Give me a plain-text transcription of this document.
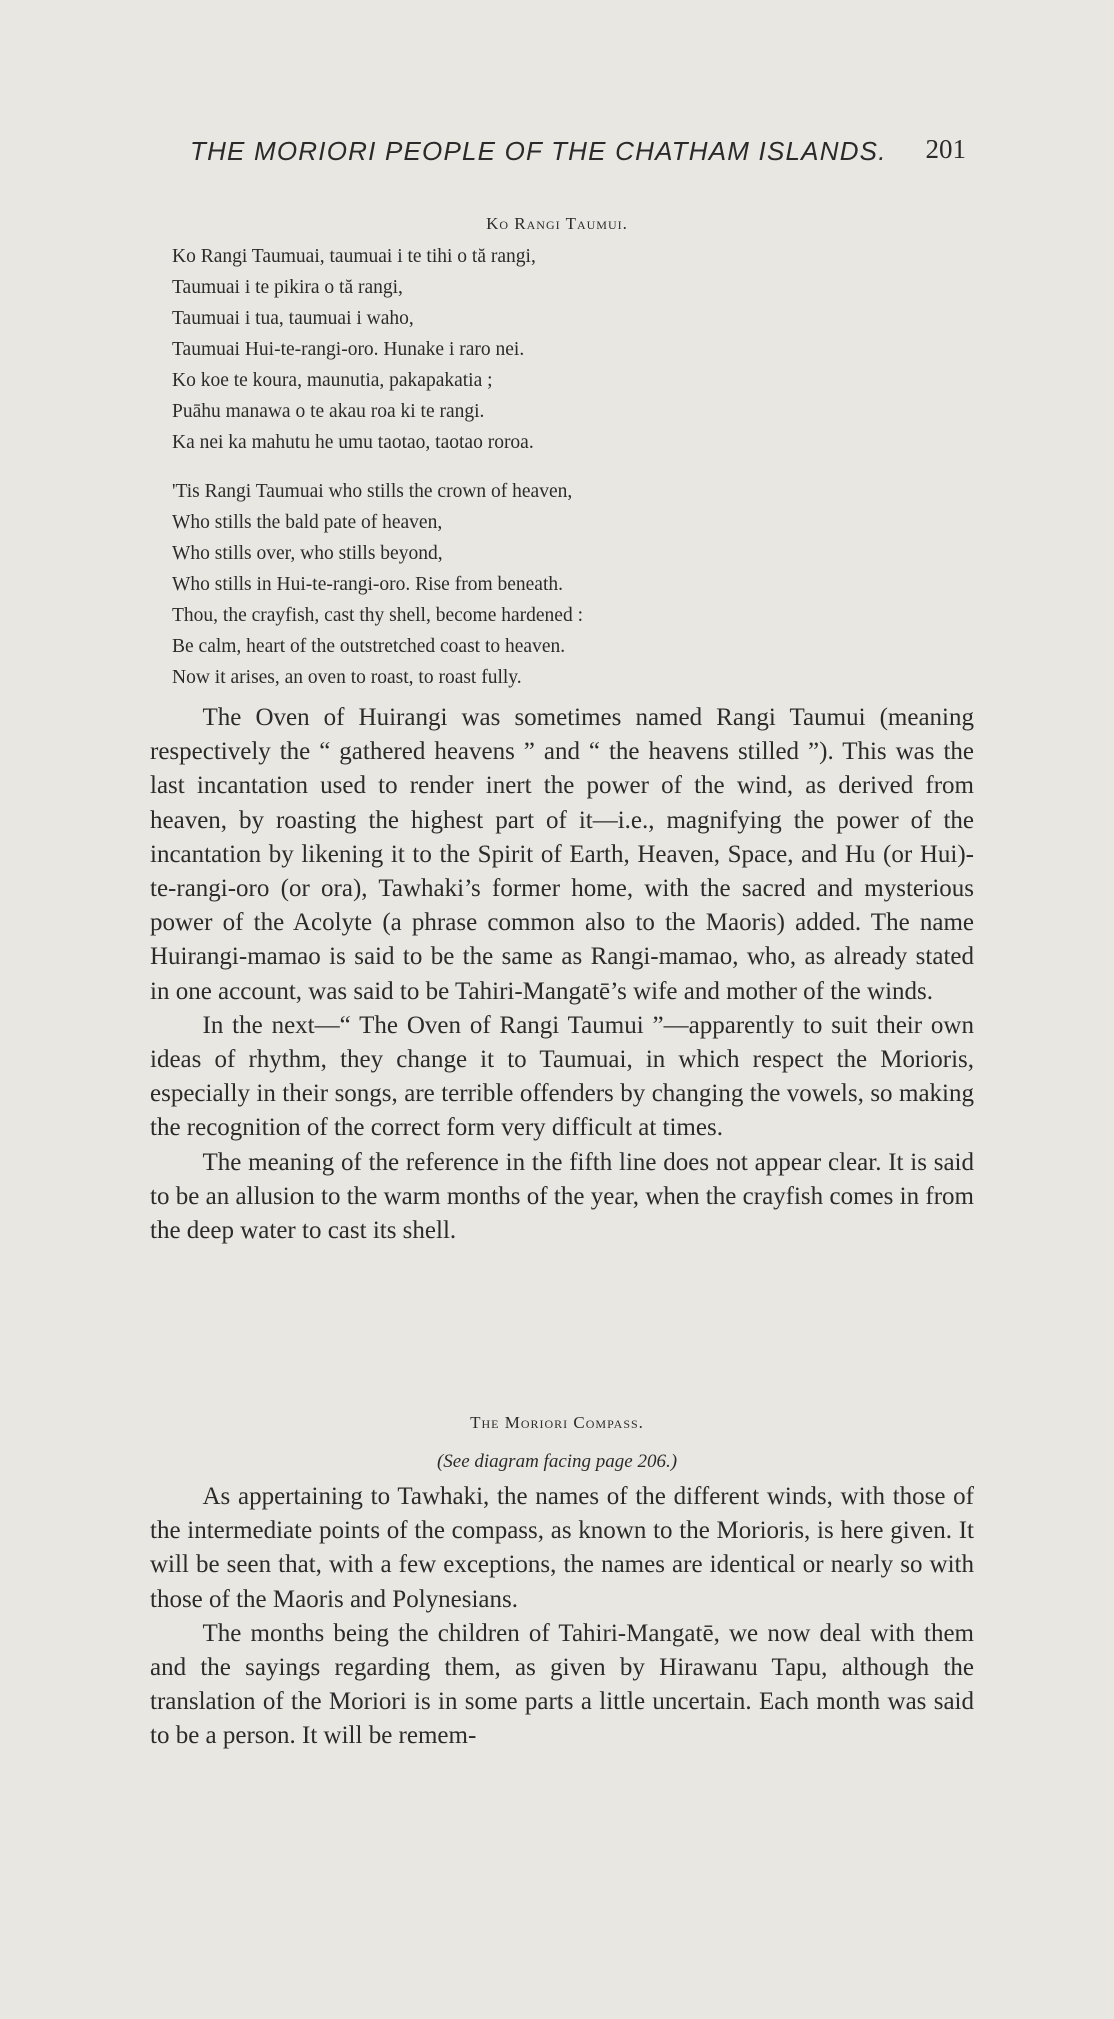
THE MORIORI PEOPLE OF THE CHATHAM ISLANDS. 201
Ko Rangi Taumui.
Ko Rangi Taumuai, taumuai i te tihi o tă rangi,
Taumuai i te pikira o tă rangi,
Taumuai i tua, taumuai i waho,
Taumuai Hui-te-rangi-oro. Hunake i raro nei.
Ko koe te koura, maunutia, pakapakatia ;
Puāhu manawa o te akau roa ki te rangi.
Ka nei ka mahutu he umu taotao, taotao roroa.
'Tis Rangi Taumuai who stills the crown of heaven,
Who stills the bald pate of heaven,
Who stills over, who stills beyond,
Who stills in Hui-te-rangi-oro. Rise from beneath.
Thou, the crayfish, cast thy shell, become hardened :
Be calm, heart of the outstretched coast to heaven.
Now it arises, an oven to roast, to roast fully.

The Oven of Huirangi was sometimes named Rangi Taumui (meaning respectively the “ gathered heavens ” and “ the heavens stilled ”). This was the last incantation used to render inert the power of the wind, as derived from heaven, by roasting the highest part of it—i.e., magnifying the power of the incantation by likening it to the Spirit of Earth, Heaven, Space, and Hu (or Hui)-te-rangi-oro (or ora), Tawhaki’s former home, with the sacred and mysterious power of the Acolyte (a phrase common also to the Maoris) added. The name Huirangi-mamao is said to be the same as Rangi-mamao, who, as already stated in one account, was said to be Tahiri-Mangatē’s wife and mother of the winds.

In the next—“ The Oven of Rangi Taumui ”—apparently to suit their own ideas of rhythm, they change it to Taumuai, in which respect the Morioris, especially in their songs, are terrible offenders by changing the vowels, so making the recognition of the correct form very difficult at times.

The meaning of the reference in the fifth line does not appear clear. It is said to be an allusion to the warm months of the year, when the crayfish comes in from the deep water to cast its shell.

The Moriori Compass.
(See diagram facing page 206.)

As appertaining to Tawhaki, the names of the different winds, with those of the intermediate points of the compass, as known to the Morioris, is here given. It will be seen that, with a few exceptions, the names are identical or nearly so with those of the Maoris and Polynesians.

The months being the children of Tahiri-Mangatē, we now deal with them and the sayings regarding them, as given by Hirawanu Tapu, although the translation of the Moriori is in some parts a little uncertain. Each month was said to be a person. It will be remem-
